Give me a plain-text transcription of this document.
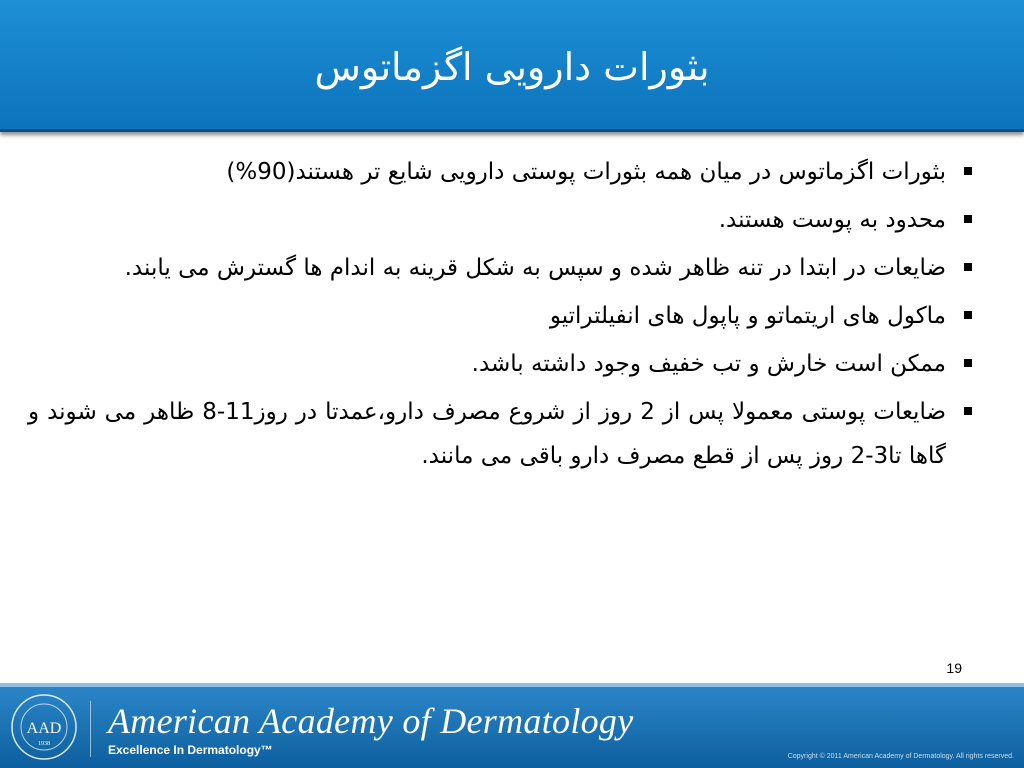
بثورات دارویی اگزماتوس
بثورات اگزماتوس در میان همه بثورات پوستی دارویی شایع تر هستند(90%)
محدود به پوست هستند.
ضایعات در ابتدا در تنه ظاهر شده و سپس به شکل قرینه به اندام ها گسترش می یابند.
ماکول های اریتماتو و پاپول های انفیلتراتیو
ممکن است خارش و تب خفیف وجود داشته باشد.
ضایعات پوستی معمولا پس از 2 روز از شروع مصرف دارو،عمدتا در روز11-8 ظاهر می شوند و گاها تا3-2 روز پس از قطع مصرف دارو باقی می مانند.
19
AAD
1938
American Academy of Dermatology
Excellence In Dermatology™	Copyright © 2011 American Academy of Dermatology. All rights reserved.
